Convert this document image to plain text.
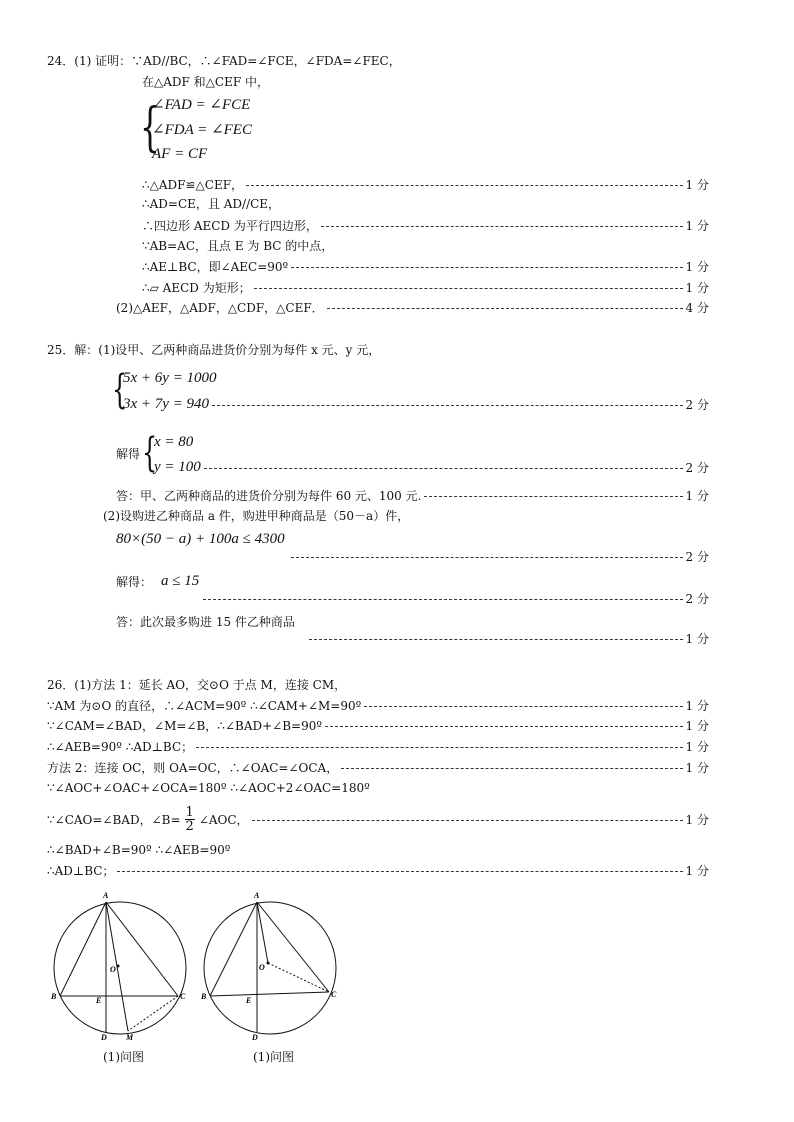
24．(1) 证明：∵AD//BC，∴∠FAD=∠FCE，∠FDA=∠FEC，
在△ADF 和△CEF 中，
{
∠FAD = ∠FCE
∠FDA = ∠FEC
AF = CF
∴△ADF≌△CEF，	1 分
∴AD=CE，且 AD//CE，
∴四边形 AECD 为平行四边形，	1 分
∵AB=AC，且点 E 为 BC 的中点，
∴AE⊥BC，即∠AEC=90º	1 分
∴▱ AECD 为矩形；	1 分
(2)△AEF，△ADF，△CDF，△CEF．	4 分
25．解：(1)设甲、乙两种商品进货价分别为每件 x 元、y 元，
{
5x + 6y = 1000
3x + 7y = 940	2 分
解得 {
x = 80
y = 100	2 分
答：甲、乙两种商品的进货价分别为每件 60 元、100 元.	1 分
(2)设购进乙种商品 a 件，购进甲种商品是（50－a）件，
80×(50 − a) + 100a ≤ 4300
2 分
解得： a ≤ 15
2 分
答：此次最多购进 15 件乙种商品
1 分
26．(1)方法 1：延长 AO，交⊙O 于点 M，连接 CM，
∵AM 为⊙O 的直径，∴∠ACM=90º ∴∠CAM+∠M=90º	1 分
∵∠CAM=∠BAD，∠M=∠B，∴∠BAD+∠B=90º	1 分
∴∠AEB=90º ∴AD⊥BC；	1 分
方法 2：连接 OC，则 OA=OC，∴∠OAC=∠OCA，	1 分
∵∠AOC+∠OAC+∠OCA=180º ∴∠AOC+2∠OAC=180º
∵∠CAO=∠BAD，∠B= $\frac{1}{2}$ ∠AOC，	1 分
∴∠BAD+∠B=90º ∴∠AEB=90º
∴AD⊥BC；	1 分
A
B	C
D
E
M
O
(1)问图
A
B	C
D
E
O
(1)问图
